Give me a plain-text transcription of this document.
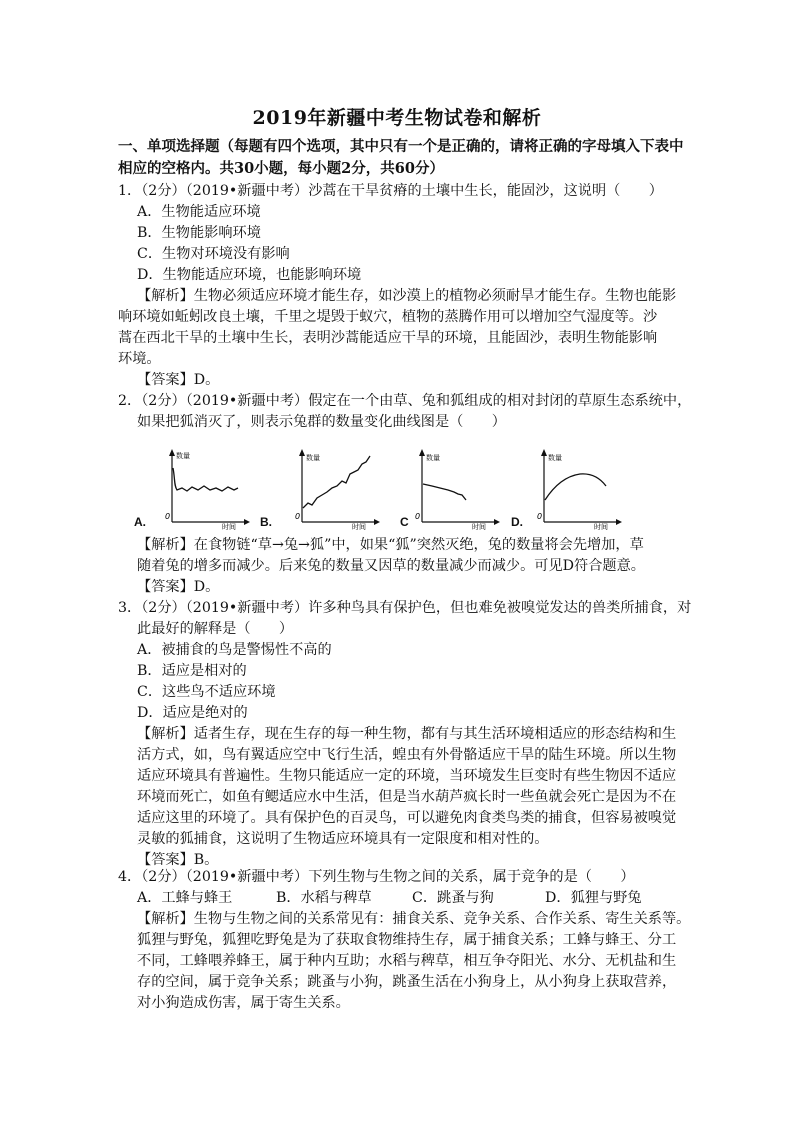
2019年新疆中考生物试卷和解析
一、单项选择题（每题有四个选项，其中只有一个是正确的，请将正确的字母填入下表中
相应的空格内。共30小题，每小题2分，共60分）
1．（2分）（2019•新疆中考）沙蒿在干旱贫瘠的土壤中生长，能固沙，这说明（　　）
A．生物能适应环境
B．生物能影响环境
C．生物对环境没有影响
D．生物能适应环境，也能影响环境
【解析】生物必须适应环境才能生存，如沙漠上的植物必须耐旱才能生存。生物也能影
响环境如蚯蚓改良土壤，千里之堤毁于蚁穴，植物的蒸腾作用可以增加空气湿度等。沙
蒿在西北干旱的土壤中生长，表明沙蒿能适应干旱的环境，且能固沙，表明生物能影响
环境。
【答案】D。
2．（2分）（2019•新疆中考）假定在一个由草、兔和狐组成的相对封闭的草原生态系统中，
如果把狐消灭了，则表示兔群的数量变化曲线图是（　　）
数量
时间
0
A.
数量
时间
0
B.
数量
时间
0
C
数量
时间
0
D.
【解析】在食物链“草→兔→狐”中，如果“狐”突然灭绝，兔的数量将会先增加，草
随着兔的增多而减少。后来兔的数量又因草的数量减少而减少。可见D符合题意。
【答案】D。
3．（2分）（2019•新疆中考）许多种鸟具有保护色，但也难免被嗅觉发达的兽类所捕食，对
此最好的解释是（　　）
A．被捕食的鸟是警惕性不高的
B．适应是相对的
C．这些鸟不适应环境
D．适应是绝对的
【解析】适者生存，现在生存的每一种生物，都有与其生活环境相适应的形态结构和生
活方式，如，鸟有翼适应空中飞行生活，蝗虫有外骨骼适应干旱的陆生环境。所以生物
适应环境具有普遍性。生物只能适应一定的环境，当环境发生巨变时有些生物因不适应
环境而死亡，如鱼有鳃适应水中生活，但是当水葫芦疯长时一些鱼就会死亡是因为不在
适应这里的环境了。具有保护色的百灵鸟，可以避免肉食类鸟类的捕食，但容易被嗅觉
灵敏的狐捕食，这说明了生物适应环境具有一定限度和相对性的。
【答案】B。
4．（2分）（2019•新疆中考）下列生物与生物之间的关系，属于竞争的是（　　）
A．工蜂与蜂王	B．水稻与稗草	C．跳蚤与狗	D．狐狸与野兔
【解析】生物与生物之间的关系常见有：捕食关系、竞争关系、合作关系、寄生关系等。
狐狸与野兔，狐狸吃野兔是为了获取食物维持生存，属于捕食关系；工蜂与蜂王、分工
不同，工蜂喂养蜂王，属于种内互助；水稻与稗草，相互争夺阳光、水分、无机盐和生
存的空间，属于竞争关系；跳蚤与小狗，跳蚤生活在小狗身上，从小狗身上获取营养，
对小狗造成伤害，属于寄生关系。
